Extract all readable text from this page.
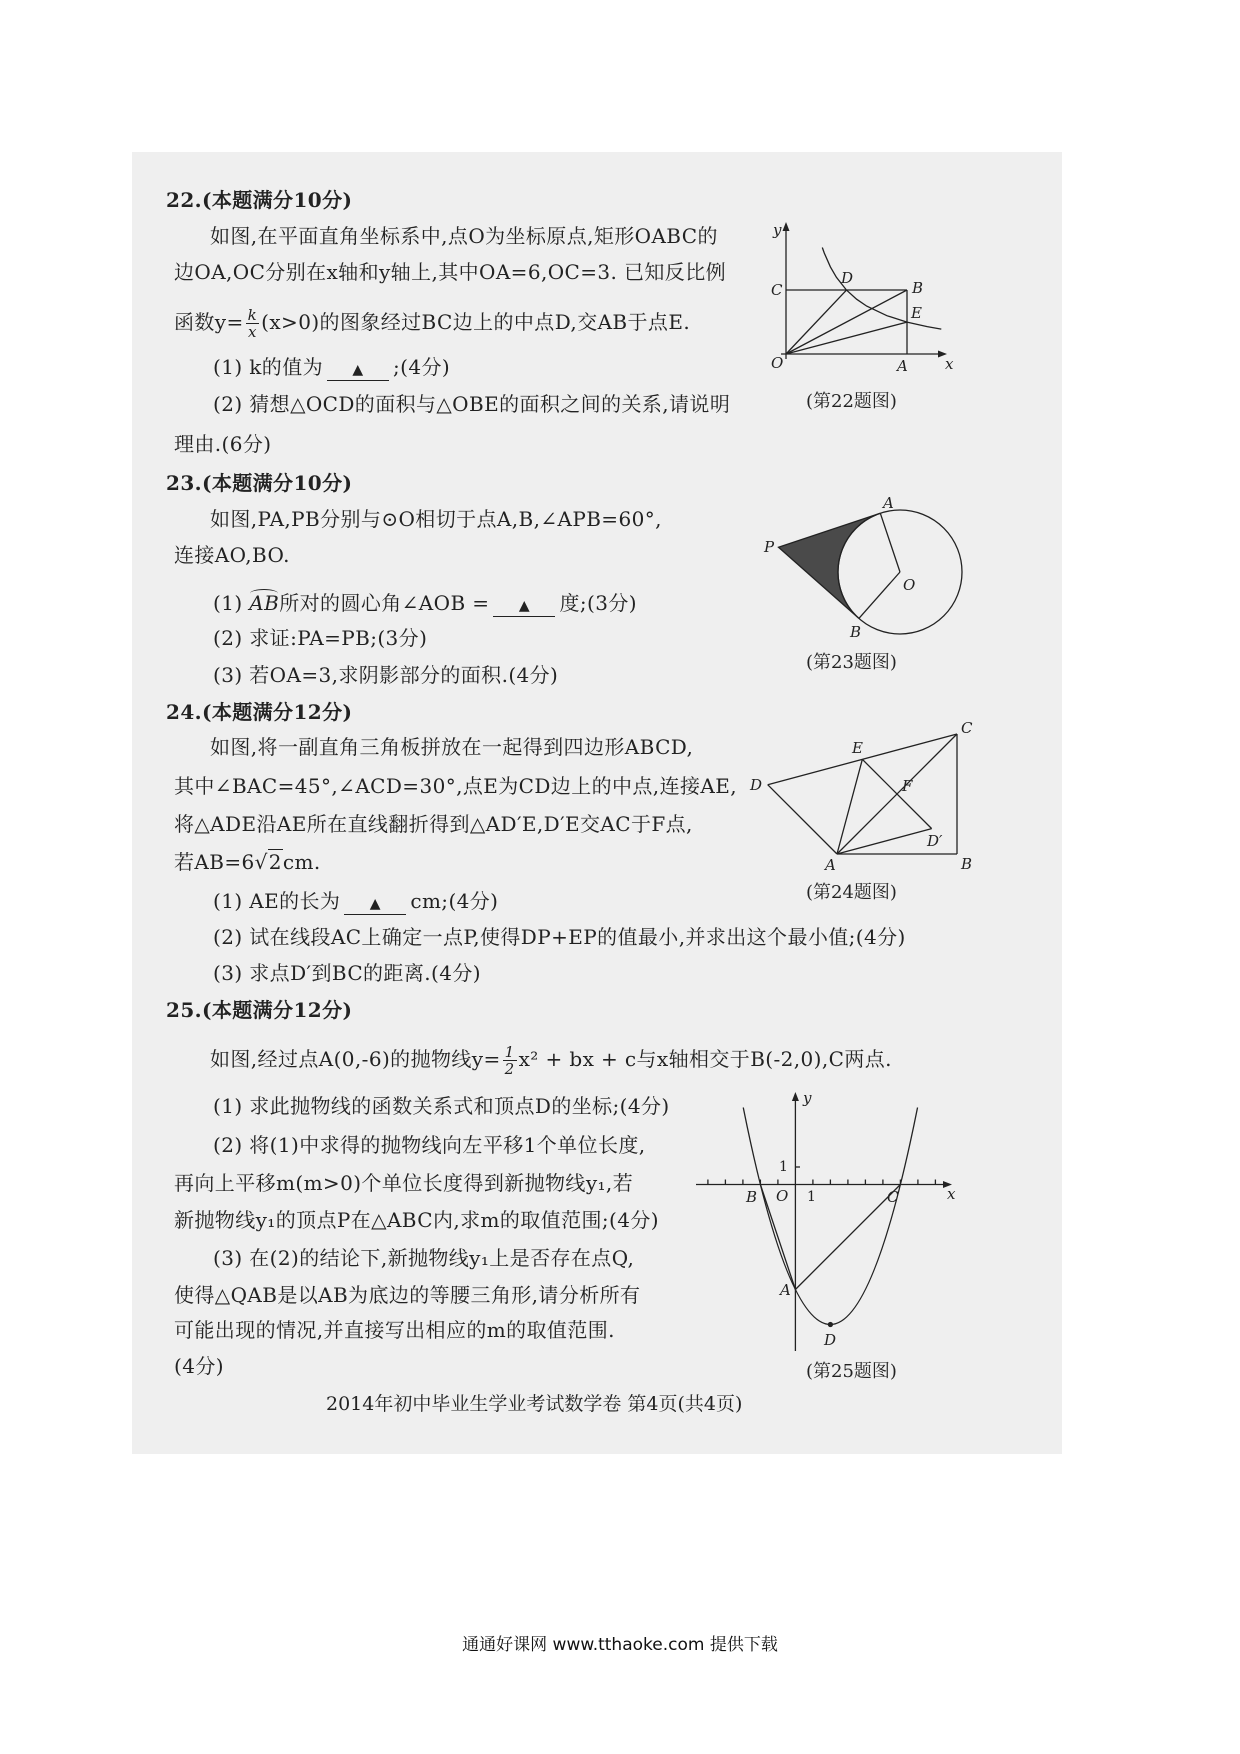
22.(本题满分10分)
如图,在平面直角坐标系中,点O为坐标原点,矩形OABC的
边OA,OC分别在x轴和y轴上,其中OA=6,OC=3. 已知反比例
函数$y= \frac{k}{x} (x>0)$的图象经过BC边上的中点D,交AB于点E.
(1) k的值为 ▲ ;(4分)
(2) 猜想△OCD的面积与△OBE的面积之间的关系,请说明
理由.(6分)
y
C
D
B
E
O	A x
(第22题图)
23.(本题满分10分)
如图,PA,PB分别与⊙O相切于点A,B,∠APB=60°,
连接AO,BO.
(1) AB所对的圆心角∠AOB = ▲ 度;(3分)
(2) 求证:PA=PB;(3分)
(3) 若OA=3,求阴影部分的面积.(4分)
P
A
O
B
(第23题图)
24.(本题满分12分)
如图,将一副直角三角板拼放在一起得到四边形ABCD,
其中∠BAC=45°,∠ACD=30°,点E为CD边上的中点,连接AE,
将△ADE沿AE所在直线翻折得到△AD′E,D′E交AC于F点,
若AB=6√2cm.
(1) AE的长为 ▲ cm;(4分)
(2) 试在线段AC上确定一点P,使得DP+EP的值最小,并求出这个最小值;(4分)
(3) 求点D′到BC的距离.(4分)
C
B
A
D
E
F
D′
(第24题图)
25.(本题满分12分)
如图,经过点A(0,-6)的抛物线$y= \frac{1}{2} x^2$ + bx + c与x轴相交于B(-2,0),C两点.
(1) 求此抛物线的函数关系式和顶点D的坐标;(4分)
(2) 将(1)中求得的抛物线向左平移1个单位长度,
再向上平移m(m>0)个单位长度得到新抛物线y₁,若
新抛物线y₁的顶点P在△ABC内,求m的取值范围;(4分)
(3) 在(2)的结论下,新抛物线y₁上是否存在点Q,
使得△QAB是以AB为底边的等腰三角形,请分析所有
可能出现的情况,并直接写出相应的m的取值范围.
(4分)
y
x
O
1
1
B	C
A
D
(第25题图)
2014年初中毕业生学业考试数学卷 第4页(共4页)
通通好课网 www.tthaoke.com 提供下载
